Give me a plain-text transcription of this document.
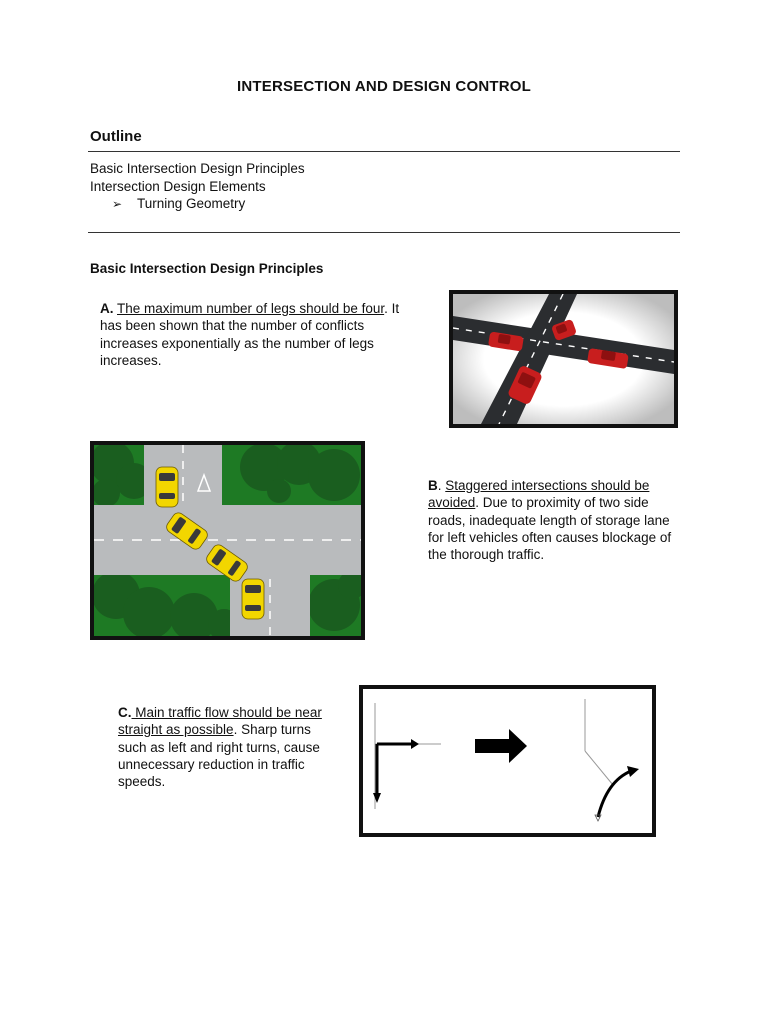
INTERSECTION AND DESIGN CONTROL
Outline
Basic Intersection Design Principles
Intersection Design Elements
➢ Turning Geometry
Basic Intersection Design Principles
A. The maximum number of legs should be four. It has been shown that the number of conflicts increases exponentially as the number of legs increases.
B. Staggered intersections should be avoided. Due to proximity of two side roads, inadequate length of storage lane for left vehicles often causes blockage of the thorough traffic.
C. Main traffic flow should be near straight as possible. Sharp turns such as left and right turns, cause unnecessary reduction in traffic speeds.
